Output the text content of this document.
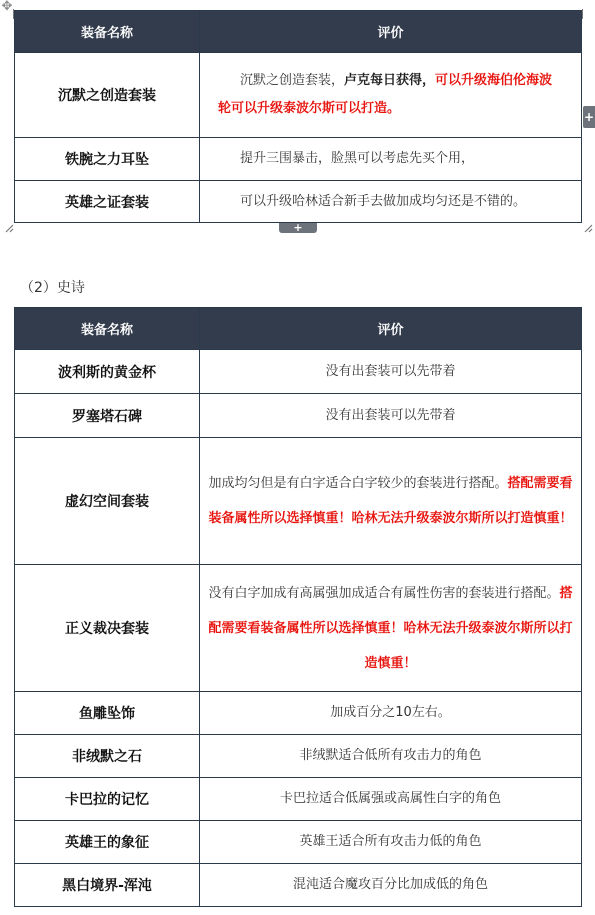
✥
+
+
装备名称	评价
沉默之创造套装	沉默之创造套装，卢克每日获得，可以升级海伯伦海波轮可以升级泰波尔斯可以打造。
铁腕之力耳坠	提升三围暴击，脸黑可以考虑先买个用，
英雄之证套装	可以升级哈林适合新手去做加成均匀还是不错的。
（2）史诗
装备名称	评价
波利斯的黄金杯	没有出套装可以先带着
罗塞塔石碑	没有出套装可以先带着
虚幻空间套装	加成均匀但是有白字适合白字较少的套装进行搭配。搭配需要看装备属性所以选择慎重！哈林无法升级泰波尔斯所以打造慎重！
正义裁决套装	没有白字加成有高属强加成适合有属性伤害的套装进行搭配。搭配需要看装备属性所以选择慎重！哈林无法升级泰波尔斯所以打造慎重！
鱼雕坠饰	加成百分之10左右。
非绒默之石	非绒默适合低所有攻击力的角色
卡巴拉的记忆	卡巴拉适合低属强或高属性白字的角色
英雄王的象征	英雄王适合所有攻击力低的角色
黑白境界-浑沌	混沌适合魔攻百分比加成低的角色
